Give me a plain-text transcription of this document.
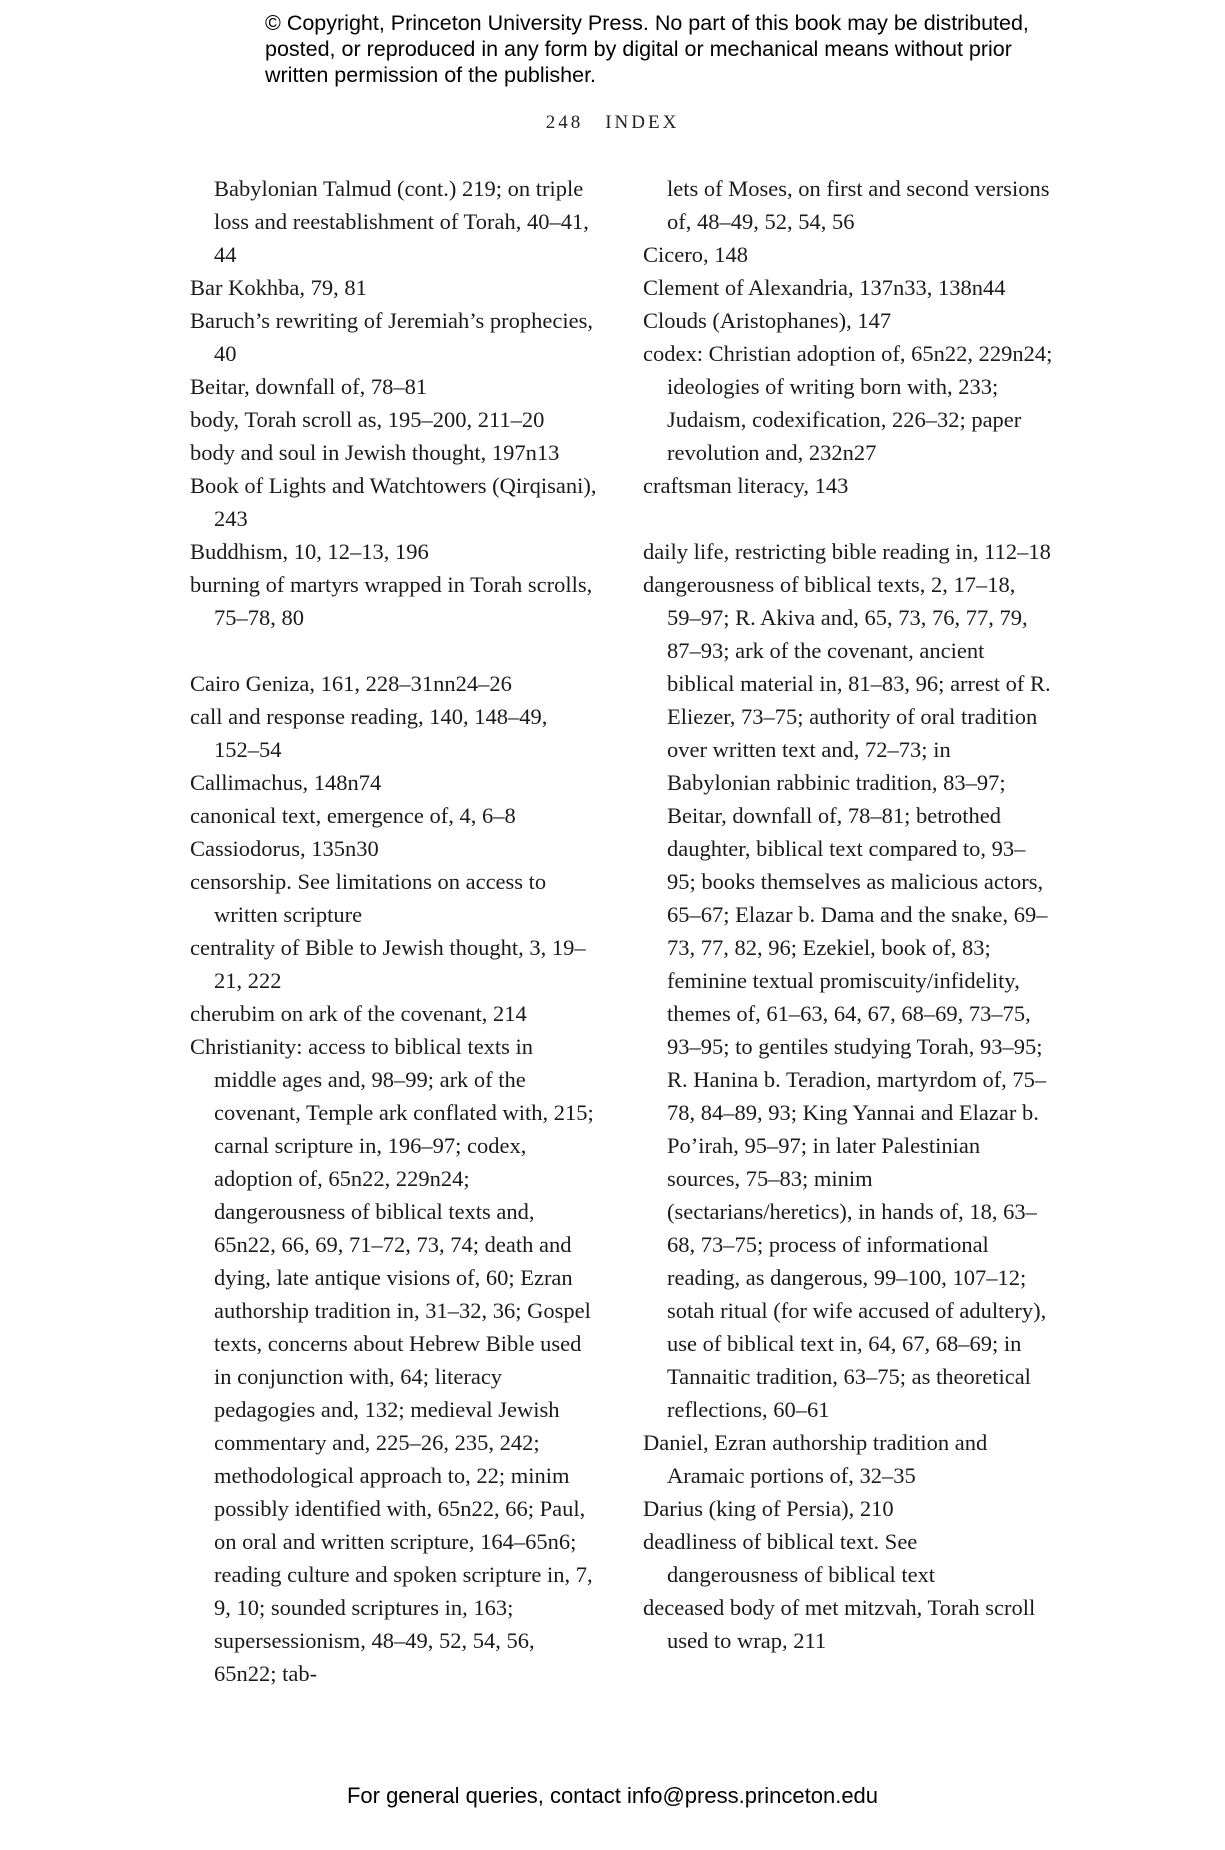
© Copyright, Princeton University Press. No part of this book may be distributed, posted, or reproduced in any form by digital or mechanical means without prior written permission of the publisher.
248 INDEX
Babylonian Talmud (cont.) 219; on triple loss and reestablishment of Torah, 40–41, 44
Bar Kokhba, 79, 81
Baruch’s rewriting of Jeremiah’s prophecies, 40
Beitar, downfall of, 78–81
body, Torah scroll as, 195–200, 211–20
body and soul in Jewish thought, 197n13
Book of Lights and Watchtowers (Qirqisani), 243
Buddhism, 10, 12–13, 196
burning of martyrs wrapped in Torah scrolls, 75–78, 80
Cairo Geniza, 161, 228–31nn24–26
call and response reading, 140, 148–49, 152–54
Callimachus, 148n74
canonical text, emergence of, 4, 6–8
Cassiodorus, 135n30
censorship. See limitations on access to written scripture
centrality of Bible to Jewish thought, 3, 19–21, 222
cherubim on ark of the covenant, 214
Christianity: access to biblical texts in middle ages and, 98–99; ark of the covenant, Temple ark conflated with, 215; carnal scripture in, 196–97; codex, adoption of, 65n22, 229n24; dangerousness of biblical texts and, 65n22, 66, 69, 71–72, 73, 74; death and dying, late antique visions of, 60; Ezran authorship tradition in, 31–32, 36; Gospel texts, concerns about Hebrew Bible used in conjunction with, 64; literacy pedagogies and, 132; medieval Jewish commentary and, 225–26, 235, 242; methodological approach to, 22; minim possibly identified with, 65n22, 66; Paul, on oral and written scripture, 164–65n6; reading culture and spoken scripture in, 7, 9, 10; sounded scriptures in, 163; supersessionism, 48–49, 52, 54, 56, 65n22; tab-
lets of Moses, on first and second versions of, 48–49, 52, 54, 56
Cicero, 148
Clement of Alexandria, 137n33, 138n44
Clouds (Aristophanes), 147
codex: Christian adoption of, 65n22, 229n24; ideologies of writing born with, 233; Judaism, codexification, 226–32; paper revolution and, 232n27
craftsman literacy, 143
daily life, restricting bible reading in, 112–18
dangerousness of biblical texts, 2, 17–18, 59–97; R. Akiva and, 65, 73, 76, 77, 79, 87–93; ark of the covenant, ancient biblical material in, 81–83, 96; arrest of R. Eliezer, 73–75; authority of oral tradition over written text and, 72–73; in Babylonian rabbinic tradition, 83–97; Beitar, downfall of, 78–81; betrothed daughter, biblical text compared to, 93–95; books themselves as malicious actors, 65–67; Elazar b. Dama and the snake, 69–73, 77, 82, 96; Ezekiel, book of, 83; feminine textual promiscuity/infidelity, themes of, 61–63, 64, 67, 68–69, 73–75, 93–95; to gentiles studying Torah, 93–95; R. Hanina b. Teradion, martyrdom of, 75–78, 84–89, 93; King Yannai and Elazar b. Po’irah, 95–97; in later Palestinian sources, 75–83; minim (sectarians/heretics), in hands of, 18, 63–68, 73–75; process of informational reading, as dangerous, 99–100, 107–12; sotah ritual (for wife accused of adultery), use of biblical text in, 64, 67, 68–69; in Tannaitic tradition, 63–75; as theoretical reflections, 60–61
Daniel, Ezran authorship tradition and Aramaic portions of, 32–35
Darius (king of Persia), 210
deadliness of biblical text. See dangerousness of biblical text
deceased body of met mitzvah, Torah scroll used to wrap, 211
For general queries, contact info@press.princeton.edu
